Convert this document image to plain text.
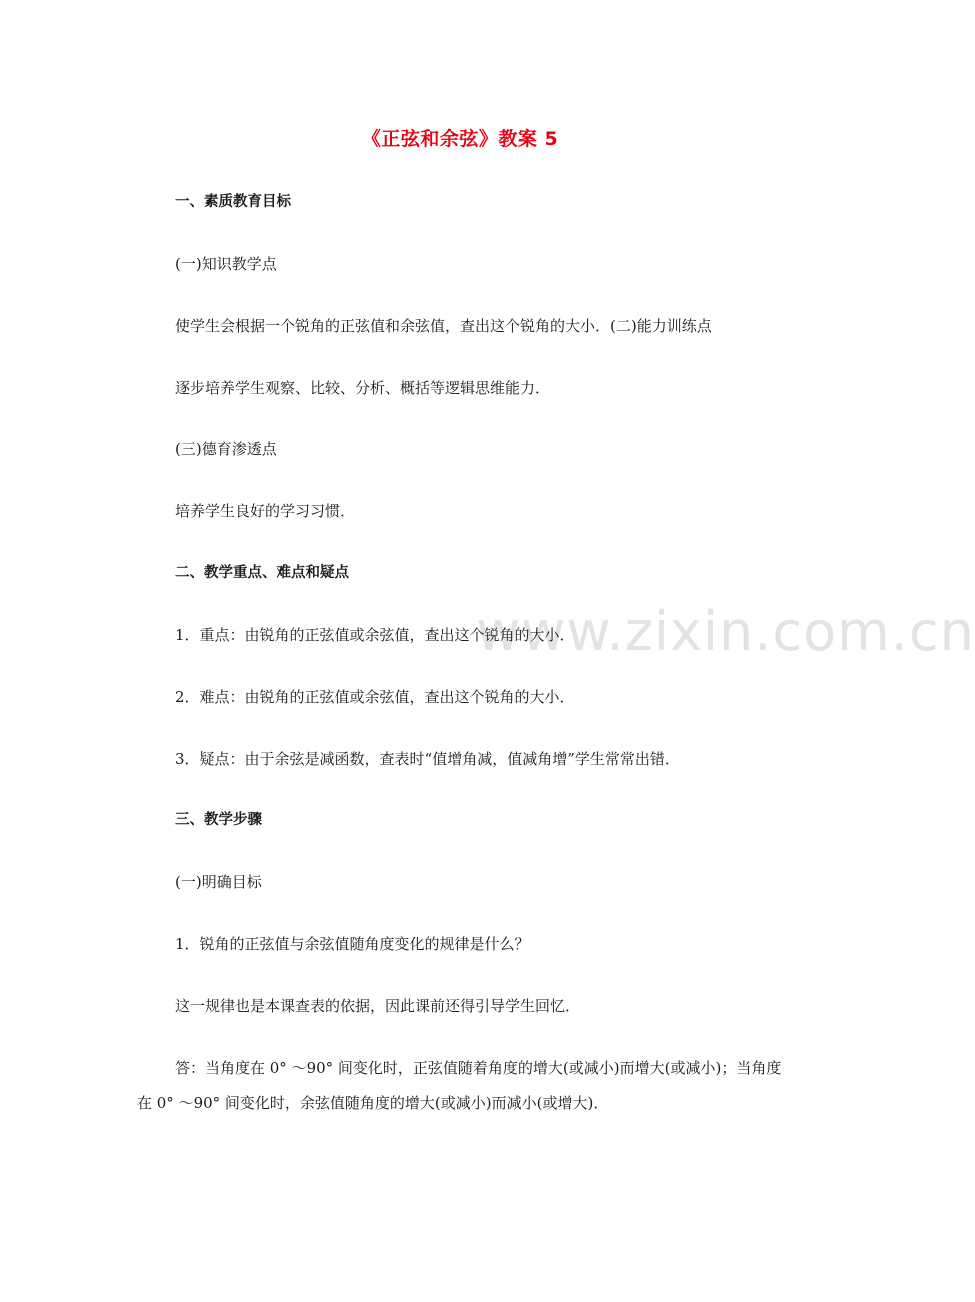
www.zixin.com.cn
《正弦和余弦》教案 5
一、素质教育目标
(一)知识教学点
使学生会根据一个锐角的正弦值和余弦值，查出这个锐角的大小．(二)能力训练点
逐步培养学生观察、比较、分析、概括等逻辑思维能力．
(三)德育渗透点
培养学生良好的学习习惯．
二、教学重点、难点和疑点
1．重点：由锐角的正弦值或余弦值，查出这个锐角的大小．
2．难点：由锐角的正弦值或余弦值，查出这个锐角的大小．
3．疑点：由于余弦是减函数，查表时“值增角减，值减角增”学生常常出错．
三、教学步骤
(一)明确目标
1．锐角的正弦值与余弦值随角度变化的规律是什么？
这一规律也是本课查表的依据，因此课前还得引导学生回忆．
答：当角度在 0° ～90° 间变化时，正弦值随着角度的增大(或减小)而增大(或减小)；当角度在 0° ～90° 间变化时，余弦值随角度的增大(或减小)而减小(或增大)．
